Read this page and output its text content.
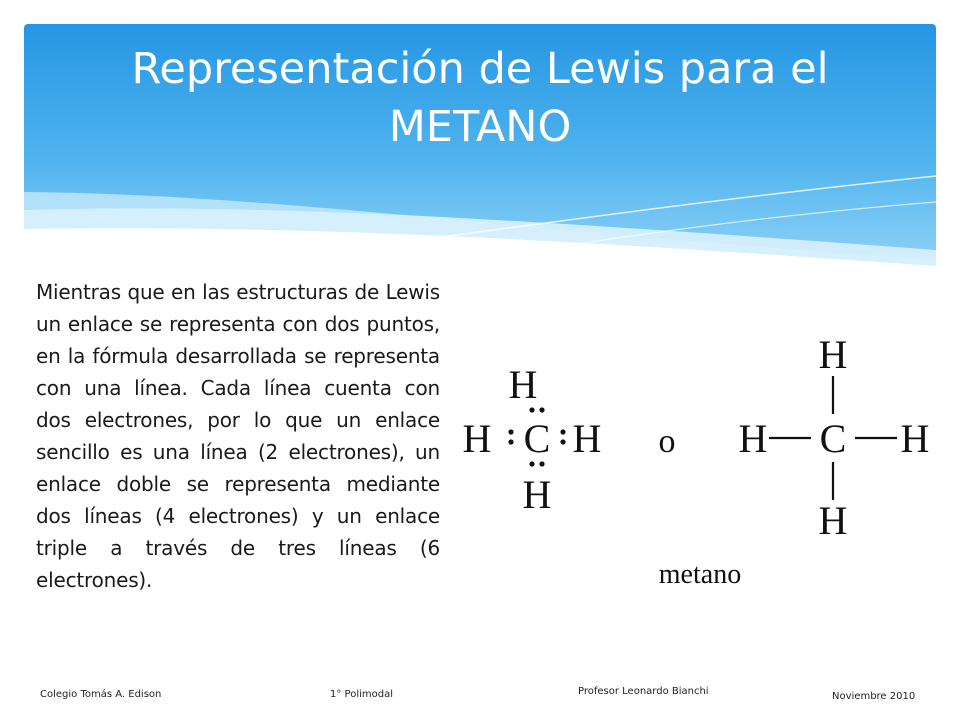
Representación de Lewis para el
METANO

Mientras que en las estructuras de Lewis un enlace se representa con dos puntos, en la fórmula desarrollada se representa con una línea. Cada línea cuenta con dos electrones, por lo que un enlace sencillo es una línea (2 electrones), un enlace doble se representa mediante dos líneas (4 electrones) y un enlace triple a través de tres líneas (6 electrones).

H
H C H
H
o
H
H C H
H
metano
Colegio Tomás A. Edison	1° Polimodal	Profesor Leonardo Bianchi	Noviembre 2010
